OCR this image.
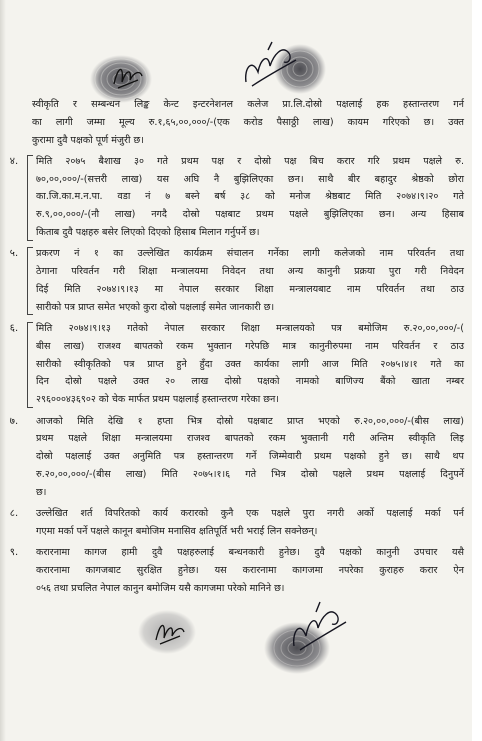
स्वीकृति र सम्बन्धन लिङ्क केन्ट इन्टरनेशनल कलेज प्रा.लि.दोस्रो पक्षलाई हक हस्तान्तरण गर्न
का लागी जम्मा मूल्य रु.१,६५,००,०००/-(एक करोड पैसाठ्ठी लाख) कायम गरिएको छ। उक्त
कुरामा दुवै पक्षको पूर्ण मंजुरी छ।

४. मिति २०७५ बैशाख ३० गते प्रथम पक्ष र दोस्रो पक्ष बिच करार गरि प्रथम पक्षले रु.
७०,००,०००/-(सत्तरी लाख) यस अघि नै बुझिलिएका छन। साथै बीर बहादुर श्रेष्ठको छोरा
का.जि.का.म.न.पा. वडा नं ७ बस्ने बर्ष ३८ को मनोज श्रेष्ठबाट मिति २०७४।९।२० गते
रु.९,००,०००/-(नौ लाख) नगदै दोस्रो पक्षबाट प्रथम पक्षले बुझिलिएका छन। अन्य हिसाब
किताब दुवै पक्षहरु बसेर लिएको दिएको हिसाब मिलान गर्नुपर्ने छ।

५. प्रकरण नं १ का उल्लेखित कार्यक्रम संचालन गर्नेका लागी कलेजको नाम परिवर्तन तथा
ठेगाना परिवर्तन गरी शिक्षा मन्त्रालयमा निवेदन तथा अन्य कानुनी प्रक्रया पुरा गरी निवेदन
दिई मिति २०७४।९।१३ मा नेपाल सरकार शिक्षा मन्त्रालयबाट नाम परिवर्तन तथा ठाउ
सारीको पत्र प्राप्त समेत भएको कुरा दोस्रो पक्षलाई समेत जानकारी छ।

६. मिति २०७४।९।१३ गतेको नेपाल सरकार शिक्षा मन्त्रालयको पत्र बमोजिम रु.२०,००,०००/-(
बीस लाख) राजश्व बापतको रकम भुक्तान गरेपछि मात्र कानुनीरुपमा नाम परिवर्तन र ठाउ
सारीको स्वीकृतिको पत्र प्राप्त हुने हुँदा उक्त कार्यका लागी आज मिति २०७५।४।१ गते का
दिन दोस्रो पक्षले उक्त २० लाख दोस्रो पक्षको नामको बाणिज्य बैंको खाता नम्बर
२९६०००४३६९०२ को चेक मार्फत प्रथम पक्षलाई हस्तान्तरण गरेका छन।

७. आजको मिति देखि १ हप्ता भित्र दोस्रो पक्षबाट प्राप्त भएको रु.२०,००,०००/-(बीस लाख)
प्रथम पक्षले शिक्षा मन्त्रालयमा राजश्व बापतको रकम भुक्तानी गरी अन्तिम स्वीकृति लिइ
दोस्रो पक्षलाई उक्त अनुमिति पत्र हस्तान्तरण गर्ने जिम्मेवारी प्रथम पक्षको हुने छ। साथै थप
रु.२०,००,०००/-(बीस लाख) मिति २०७५।१।६ गते भित्र दोस्रो पक्षले प्रथम पक्षलाई दिनुपर्ने
छ।

८. उल्लेखित शर्त विपरितको कार्य करारको कुनै एक पक्षले पुरा नगरी अर्को पक्षलाई मर्का पर्न
गएमा मर्का पर्ने पक्षले कानून बमोजिम मनासिव क्षतिपूर्ति भरी भराई लिन सक्नेछन्।

९. करारनामा कागज हामी दुवै पक्षहरुलाई बन्धनकारी हुनेछ। दुवै पक्षको कानुनी उपचार यसै
करारनामा कागजबाट सुरक्षित हुनेछ। यस करारनामा कागजमा नपरेका कुराहरु करार ऐन
०५६ तथा प्रचलित नेपाल कानुन बमोजिम यसै कागजमा परेको मानिने छ।
